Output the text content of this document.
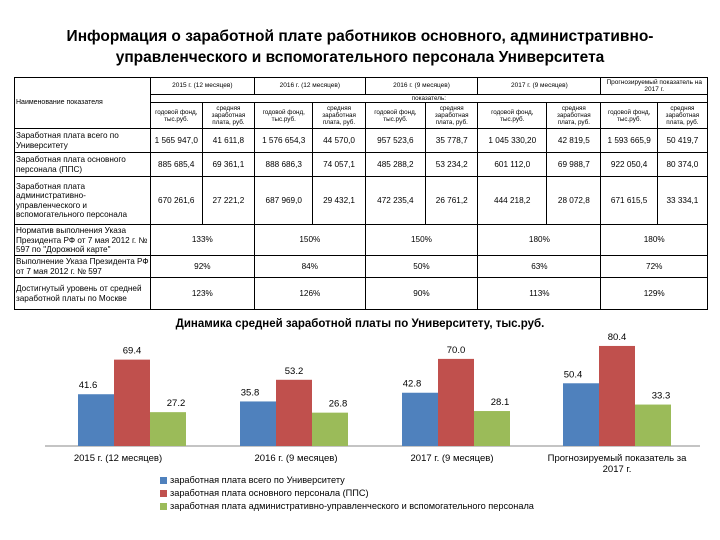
Информация о заработной плате работников основного, административно-
управленческого и вспомогательного персонала Университета
Наименование показателя	2015 г. (12 месяцев)		2016 г. (12 месяцев)		2016 г. (9 месяцев)		2017 г. (9 месяцев)		Прогнозируемый показатель на 2017 г.	
	показатель:									
	годовой фонд, тыс.руб.	средняя заработная плата, руб.	годовой фонд, тыс.руб.	средняя заработная плата, руб.	годовой фонд, тыс.руб.	средняя заработная плата, руб.	годовой фонд, тыс.руб.	средняя заработная плата, руб.	годовой фонд, тыс.руб.	средняя заработная плата, руб.
Заработная плата всего по Университету	1 565 947,0	41 611,8	1 576 654,3	44 570,0	957 523,6	35 778,7	1 045 330,20	42 819,5	1 593 665,9	50 419,7
Заработная плата основного персонала (ППС)	885 685,4	69 361,1	888 686,3	74 057,1	485 288,2	53 234,2	601 112,0	69 988,7	922 050,4	80 374,0
Заработная плата административно-управленческого и вспомогательного персонала	670 261,6	27 221,2	687 969,0	29 432,1	472 235,4	26 761,2	444 218,2	28 072,8	671 615,5	33 334,1
Норматив выполнения Указа Президента РФ от 7 мая 2012 г. № 597 по "Дорожной карте"	133%		150%		150%		180%		180%	
Выполнение Указа Президента РФ от 7 мая 2012 г. № 597	92%		84%		50%		63%		72%	
Достигнутый уровень от средней заработной платы по Москве	123%		126%		90%		113%		129%	
Динамика средней заработной платы по Университету, тыс.руб.
41.6
35.8
42.8
50.4
69.4
53.2
70.0
80.4
27.2	26.8	28.1
33.3
2015 г. (12 месяцев)	2016 г. (9 месяцев)	2017 г. (9 месяцев)	Прогнозируемый показатель за 2017 г.
заработная плата всего по Университету
заработная плата основного персонала (ППС)
заработная плата административно-управленческого и вспомогательного персонала
